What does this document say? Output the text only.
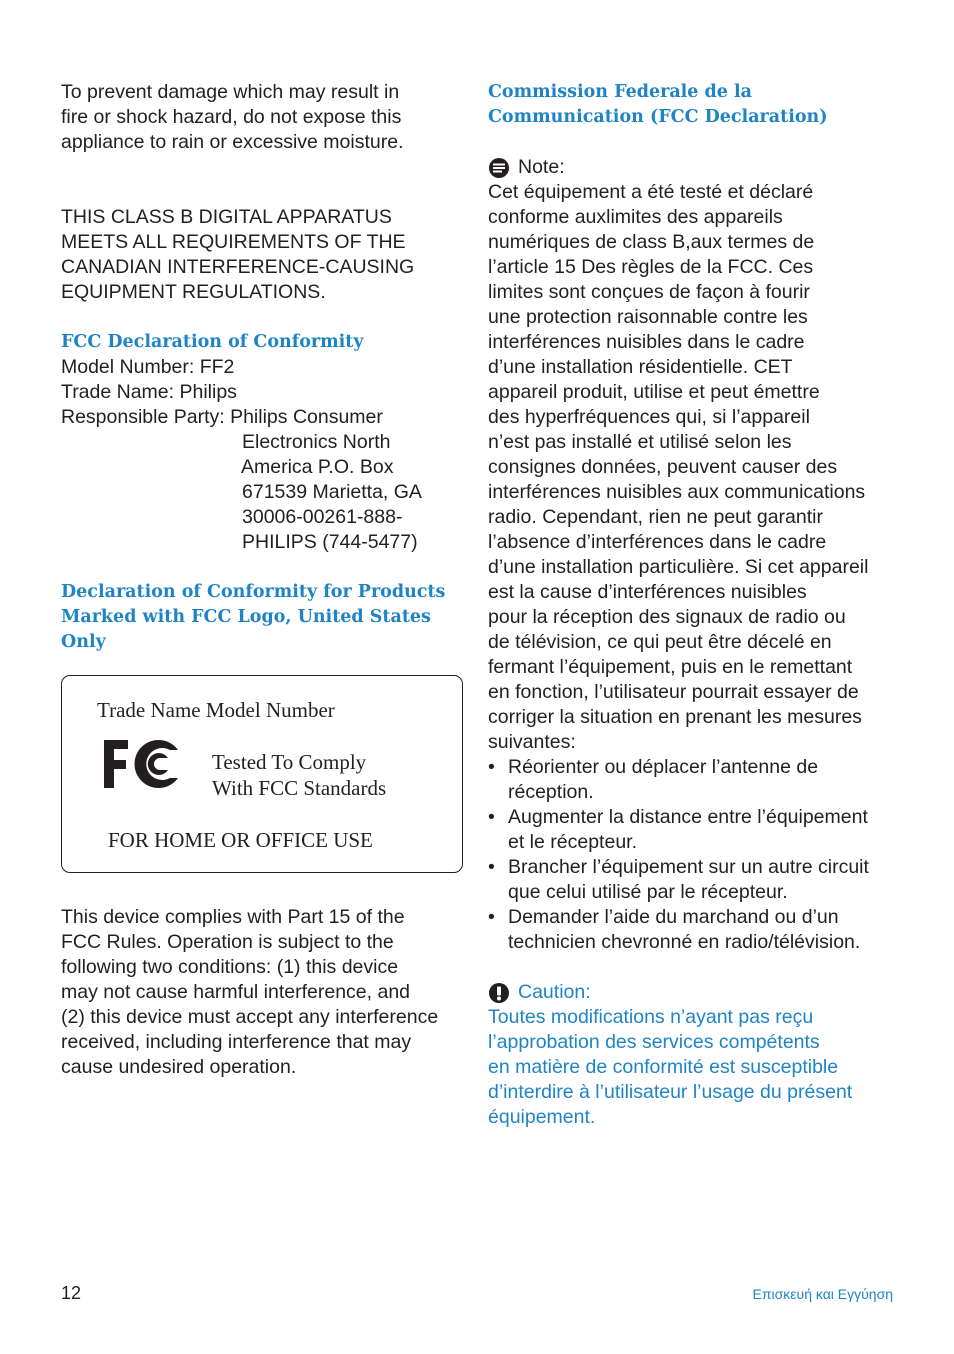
To prevent damage which may result in
fire or shock hazard, do not expose this
appliance to rain or excessive moisture.
THIS CLASS B DIGITAL APPARATUS
MEETS ALL REQUIREMENTS OF THE
CANADIAN INTERFERENCE-CAUSING
EQUIPMENT REGULATIONS.
FCC Declaration of Conformity
Model Number: FF2
Trade Name: Philips
Responsible Party: Philips Consumer
Electronics North
America P.O. Box
671539 Marietta, GA
30006-00261-888-
PHILIPS (744-5477)
Declaration of Conformity for Products
Marked with FCC Logo, United States
Only
Trade Name Model Number
Tested To Comply
With FCC Standards
FOR HOME OR OFFICE USE
This device complies with Part 15 of the
FCC Rules. Operation is subject to the
following two conditions: (1) this device
may not cause harmful interference, and
(2) this device must accept any interference
received, including interference that may
cause undesired operation.
Commission Federale de la
Communication (FCC Declaration)
Note:
Cet équipement a été testé et déclaré
conforme auxlimites des appareils
numériques de class B,aux termes de
l’article 15 Des règles de la FCC. Ces
limites sont conçues de façon à fourir
une protection raisonnable contre les
interférences nuisibles dans le cadre
d’une installation résidentielle. CET
appareil produit, utilise et peut émettre
des hyperfréquences qui, si l’appareil
n’est pas installé et utilisé selon les
consignes données, peuvent causer des
interférences nuisibles aux communications
radio. Cependant, rien ne peut garantir
l’absence d’interférences dans le cadre
d’une installation particulière. Si cet appareil
est la cause d’interférences nuisibles
pour la réception des signaux de radio ou
de télévision, ce qui peut être décelé en
fermant l’équipement, puis en le remettant
en fonction, l’utilisateur pourrait essayer de
corriger la situation en prenant les mesures
suivantes:
• Réorienter ou déplacer l’antenne de
réception.
• Augmenter la distance entre l’équipement
et le récepteur.
• Brancher l’équipement sur un autre circuit
que celui utilisé par le récepteur.
• Demander l’aide du marchand ou d’un
technicien chevronné en radio/télévision.
Caution:
Toutes modifications n’ayant pas reçu
l’approbation des services compétents
en matière de conformité est susceptible
d’interdire à l’utilisateur l’usage du présent
équipement.
12	Επισκευή και Εγγύηση
